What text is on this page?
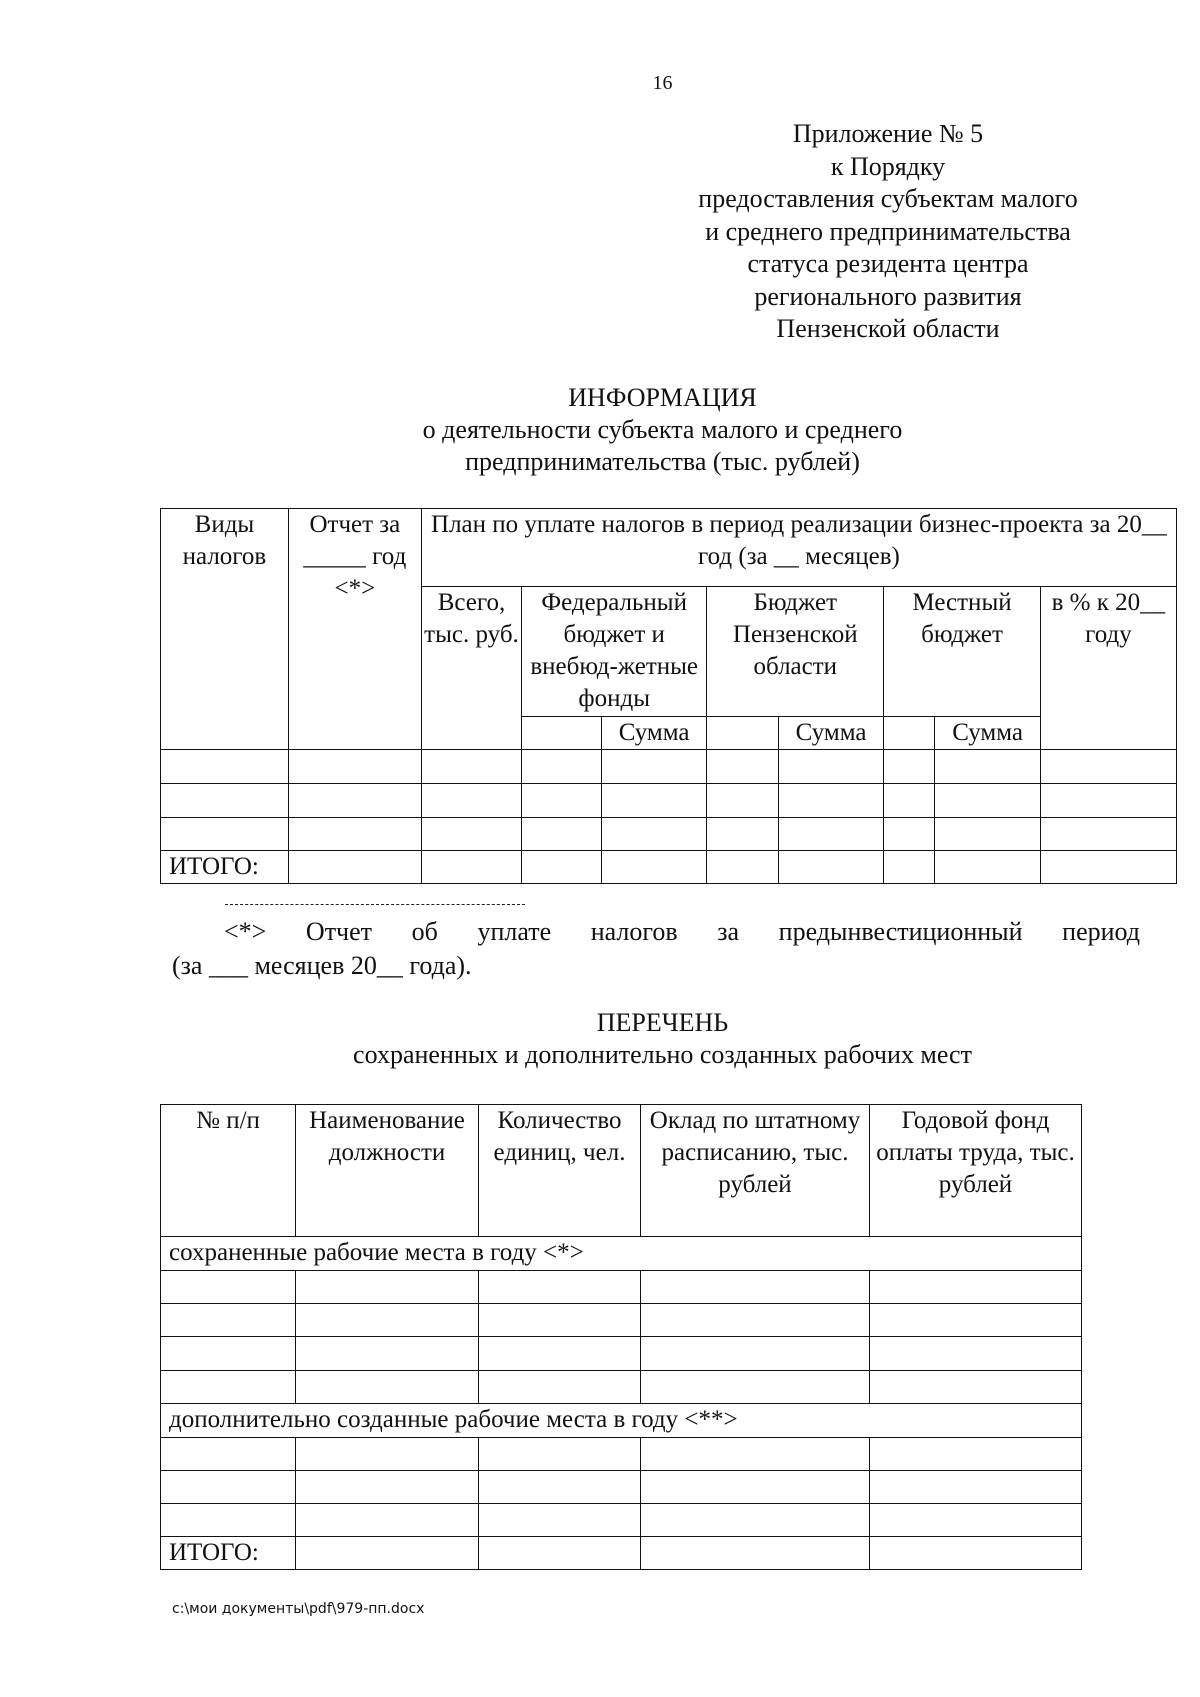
16
Приложение № 5
к Порядку
предоставления субъектам малого
и среднего предпринимательства
статуса резидента центра
регионального развития
Пензенской области
ИНФОРМАЦИЯ
о деятельности субъекта малого и среднего
предпринимательства (тыс. рублей)
Виды налогов	Отчет за _____ год <*>	План по уплате налогов в период реализации бизнес-проекта за 20__ год (за __ месяцев)							
		Всего, тыс. руб.	Федеральный бюджет и внебюд-жетные фонды		Бюджет Пензенской области		Местный бюджет		в % к 20__ году
				Сумма		Сумма		Сумма	

ИТОГО:									
<*> Отчет об уплате налогов за предынвестиционный период
(за ___ месяцев 20__ года).
ПЕРЕЧЕНЬ
сохраненных и дополнительно созданных рабочих мест
№ п/п	Наименование должности	Количество единиц, чел.	Оклад по штатному расписанию, тыс. рублей	Годовой фонд оплаты труда, тыс. рублей
сохраненные рабочие места в году <*>				

дополнительно созданные рабочие места в году <**>				

ИТОГО:				
c:\мои документы\pdf\979-пп.docx
